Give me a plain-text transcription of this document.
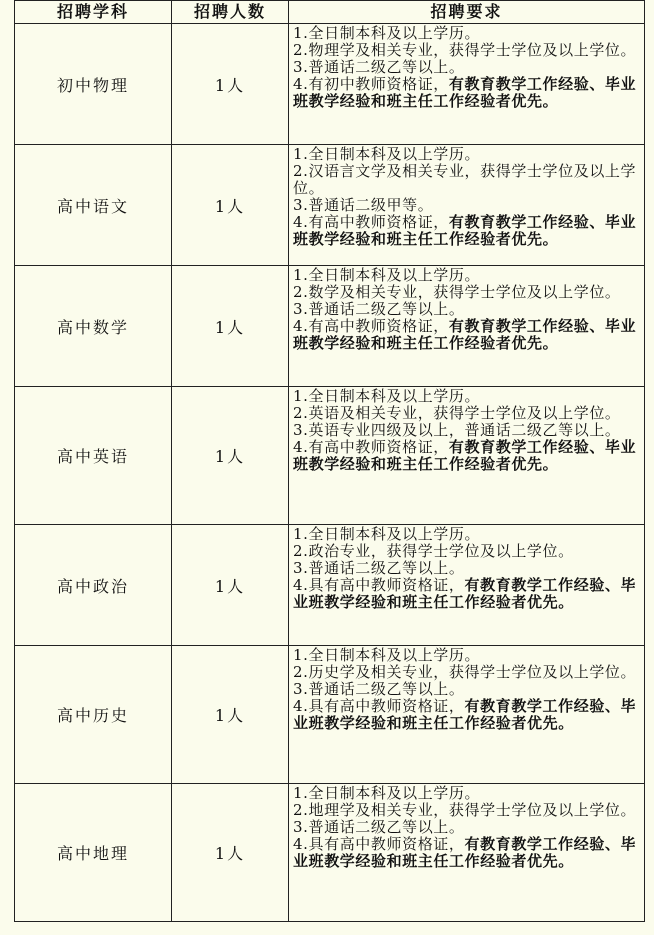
招聘学科	招聘人数	招聘要求
初中物理	1人	1.全日制本科及以上学历。
2.物理学及相关专业，获得学士学位及以上学位。
3.普通话二级乙等以上。
4.有初中教师资格证，有教育教学工作经验、毕业班教学经验和班主任工作经验者优先。

高中语文	1人	1.全日制本科及以上学历。
2.汉语言文学及相关专业，获得学士学位及以上学位。
3.普通话二级甲等。
4.有高中教师资格证，有教育教学工作经验、毕业班教学经验和班主任工作经验者优先。

高中数学	1人	1.全日制本科及以上学历。
2.数学及相关专业，获得学士学位及以上学位。
3.普通话二级乙等以上。
4.有高中教师资格证，有教育教学工作经验、毕业班教学经验和班主任工作经验者优先。

高中英语	1人	1.全日制本科及以上学历。
2.英语及相关专业，获得学士学位及以上学位。
3.英语专业四级及以上，普通话二级乙等以上。
4.有高中教师资格证，有教育教学工作经验、毕业班教学经验和班主任工作经验者优先。

高中政治	1人	1.全日制本科及以上学历。
2.政治专业，获得学士学位及以上学位。
3.普通话二级乙等以上。
4.具有高中教师资格证，有教育教学工作经验、毕业班教学经验和班主任工作经验者优先。

高中历史	1人	1.全日制本科及以上学历。
2.历史学及相关专业，获得学士学位及以上学位。
3.普通话二级乙等以上。
4.具有高中教师资格证，有教育教学工作经验、毕业班教学经验和班主任工作经验者优先。

高中地理	1人	1.全日制本科及以上学历。
2.地理学及相关专业，获得学士学位及以上学位。
3.普通话二级乙等以上。
4.具有高中教师资格证，有教育教学工作经验、毕业班教学经验和班主任工作经验者优先。
